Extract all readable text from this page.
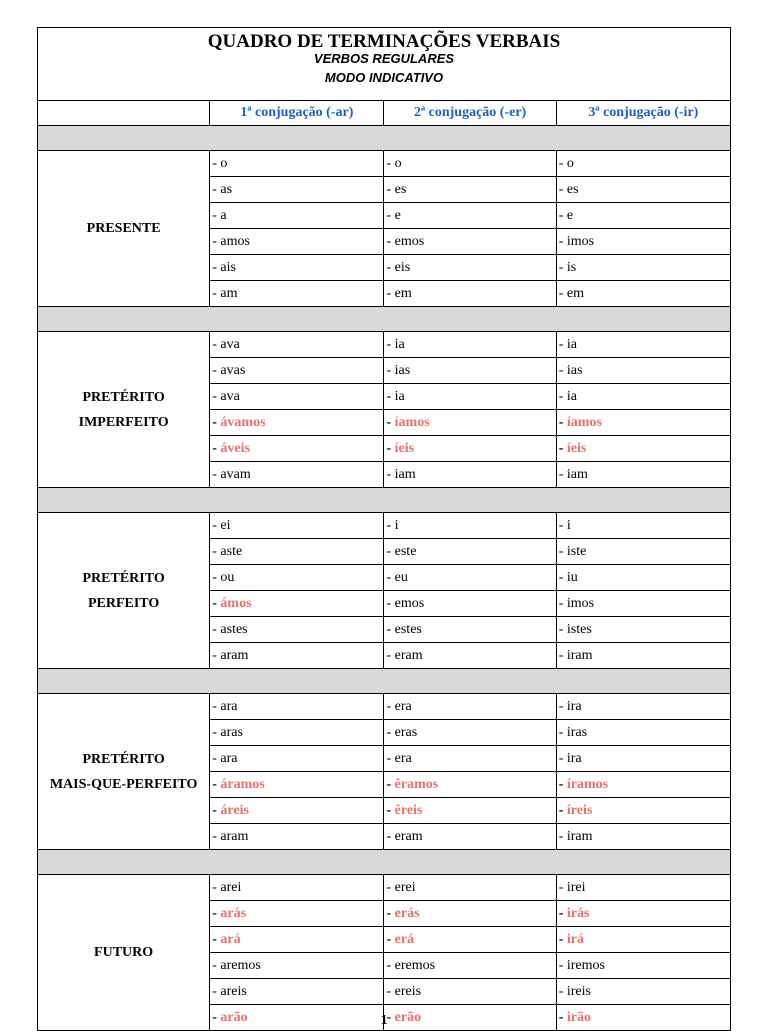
QUADRO DE TERMINAÇÕES VERBAIS
VERBOS REGULARES			

MODO INDICATIVO			

	1ª conjugação (-ar)	2ª conjugação (-er)	3ª conjugação (-ir)

PRESENTE	- o	- o	- o
	- as	- es	- es
	- a	- e	- e
	- amos	- emos	- imos
	- ais	- eis	- is
	- am	- em	- em

PRETÉRITO
IMPERFEITO	- ava	- ia	- ia
	- avas	- ias	- ias
	- ava	- ia	- ia
	- ávamos	- íamos	- íamos
	- áveis	- íeis	- íeis
	- avam	- iam	- iam

PRETÉRITO
PERFEITO	- ei	- i	- i
	- aste	- este	- iste
	- ou	- eu	- iu
	- ámos	- emos	- imos
	- astes	- estes	- istes
	- aram	- eram	- iram

PRETÉRITO
MAIS-QUE-PERFEITO	- ara	- era	- ira
	- aras	- eras	- iras
	- ara	- era	- ira
	- áramos	- êramos	- íramos
	- áreis	- êreis	- íreis
	- aram	- eram	- iram

FUTURO	- arei	- erei	- irei
	- arás	- erás	- irás
	- ará	- erá	- irá
	- aremos	- eremos	- iremos
	- areis	- ereis	- ireis
	- arão	- erão	- irão
1
